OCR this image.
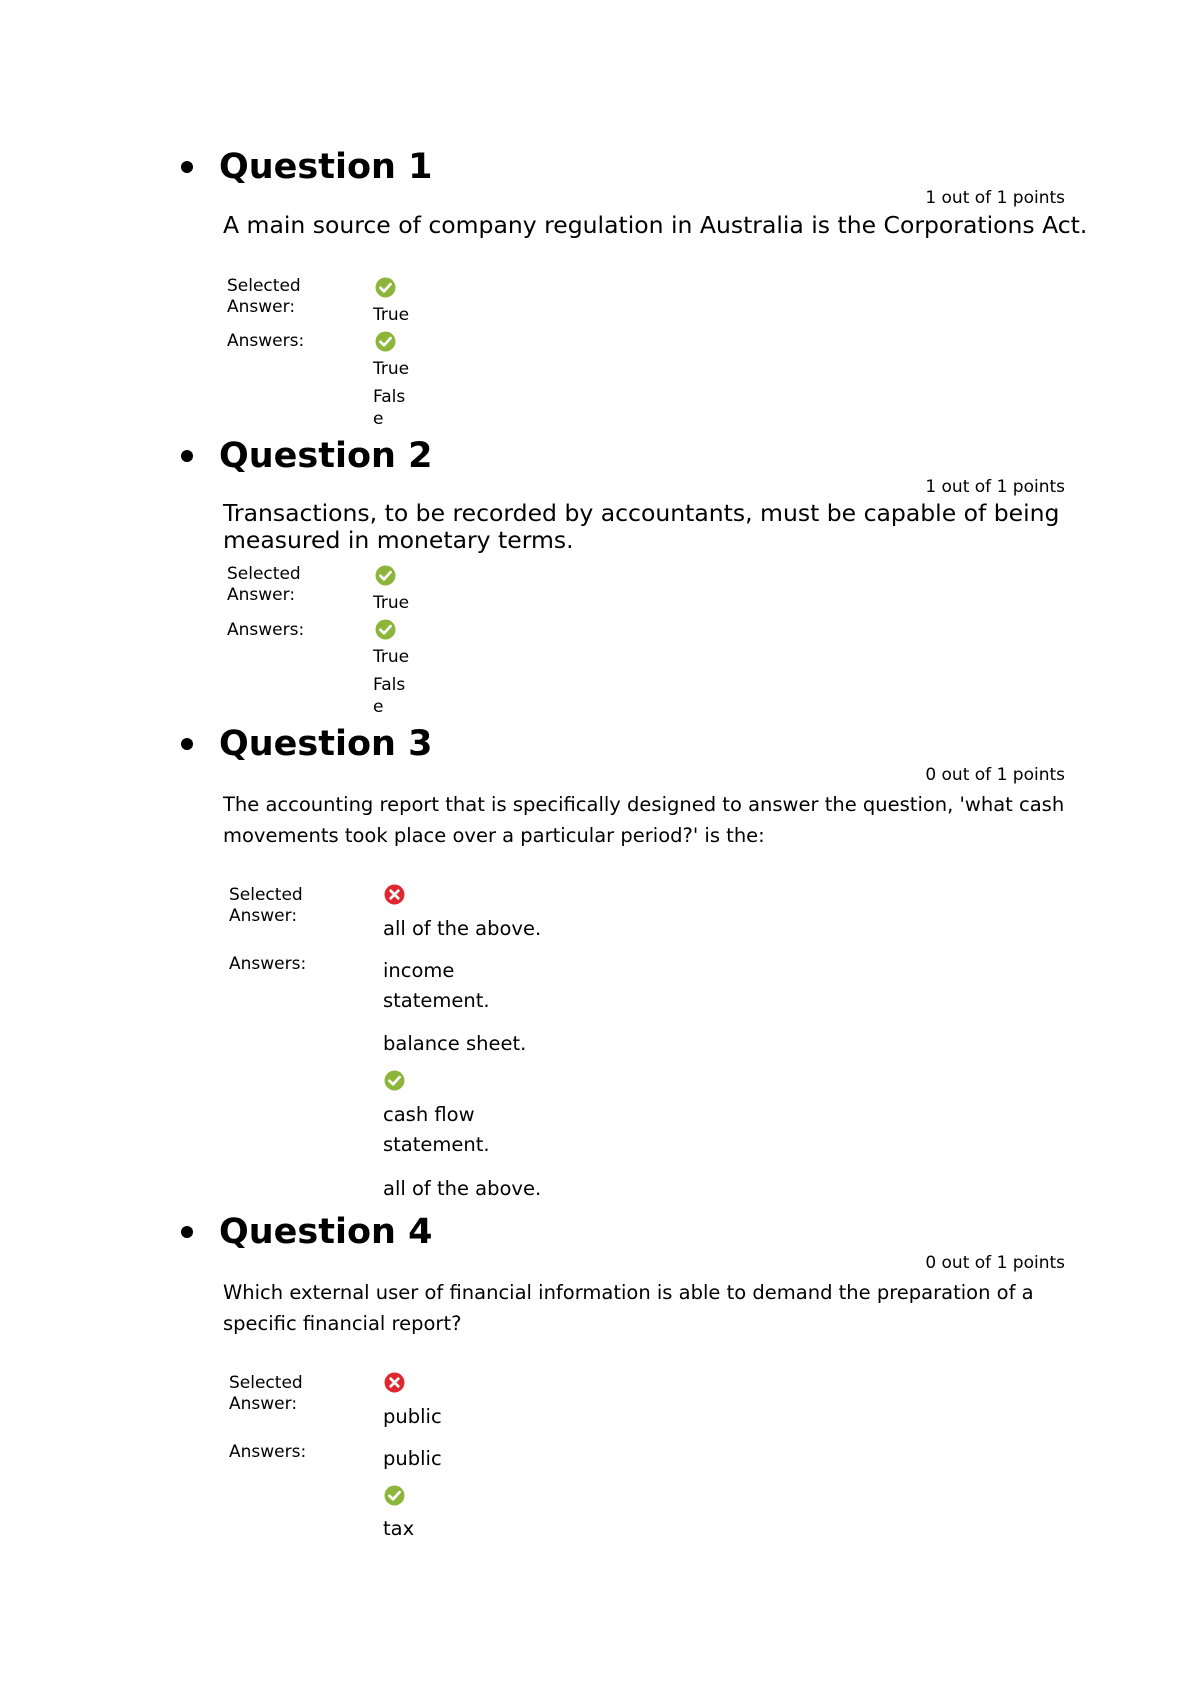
Question 1
1 out of 1 points
A main source of company regulation in Australia is the Corporations Act.
Selected
Answer:	True
Answers:
True
Fals
e
Question 2
1 out of 1 points
Transactions, to be recorded by accountants, must be capable of being measured in monetary terms.
Selected
Answer:	True
Answers:
True
Fals
e
Question 3
0 out of 1 points
The accounting report that is specifically designed to answer the question, 'what cash movements took place over a particular period?' is the:
Selected
Answer:
all of the above.
Answers:	income
statement.
balance sheet.
cash flow
statement.
all of the above.
Question 4
0 out of 1 points
Which external user of financial information is able to demand the preparation of a specific financial report?
Selected
Answer:
public
Answers:	public
tax
